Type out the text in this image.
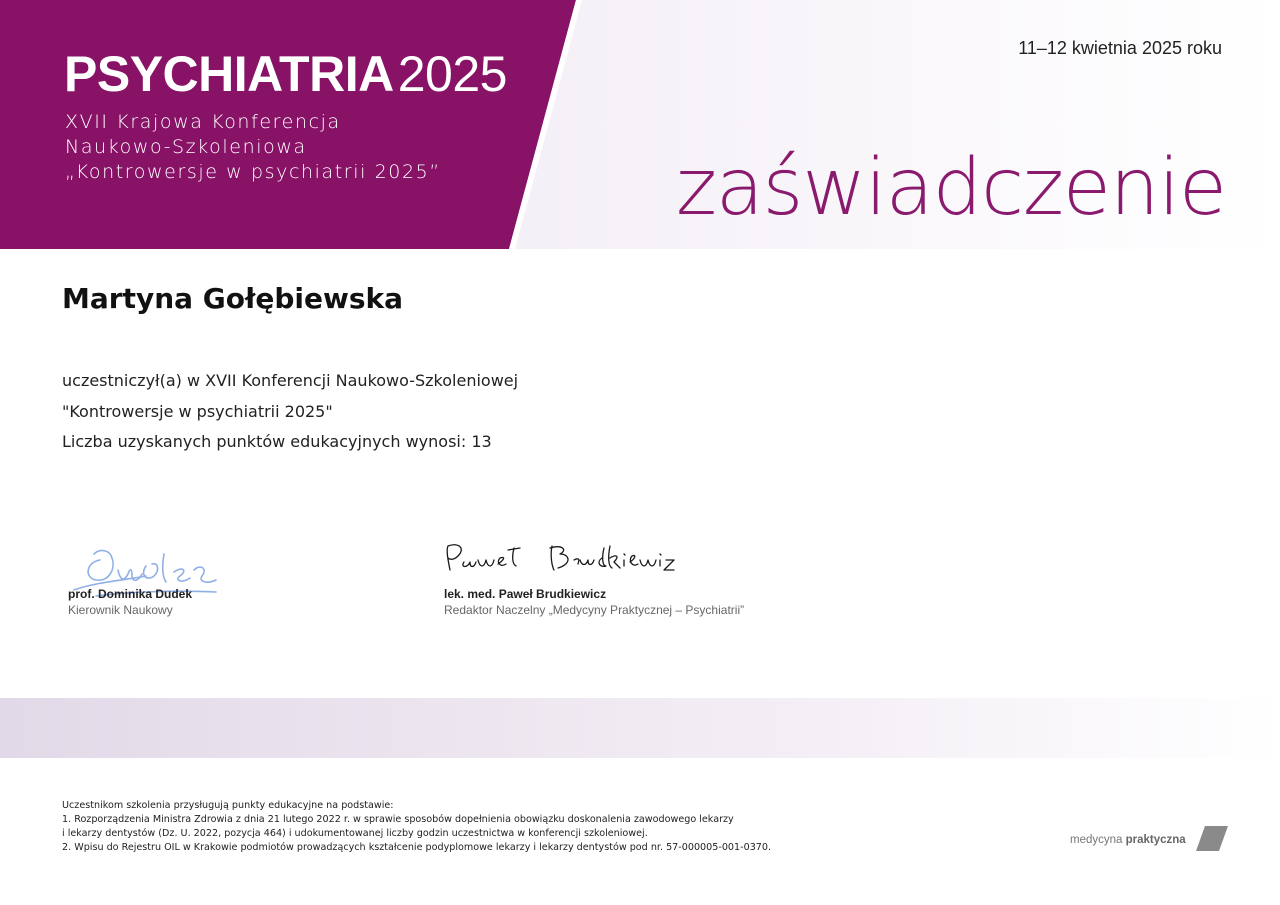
PSYCHIATRIA2025
XVII Krajowa Konferencja
Naukowo-Szkoleniowa
„Kontrowersje w psychiatrii 2025”
11–12 kwietnia 2025 roku
zaświadczenie
Martyna Gołębiewska
uczestniczył(a) w XVII Konferencji Naukowo-Szkoleniowej
"Kontrowersje w psychiatrii 2025"
Liczba uzyskanych punktów edukacyjnych wynosi: 13
prof. Dominika Dudek
Kierownik Naukowy
lek. med. Paweł Brudkiewicz
Redaktor Naczelny „Medycyny Praktycznej – Psychiatrii”
Uczestnikom szkolenia przysługują punkty edukacyjne na podstawie:
1. Rozporządzenia Ministra Zdrowia z dnia 21 lutego 2022 r. w sprawie sposobów dopełnienia obowiązku doskonalenia zawodowego lekarzy
i lekarzy dentystów (Dz. U. 2022, pozycja 464) i udokumentowanej liczby godzin uczestnictwa w konferencji szkoleniowej.
2. Wpisu do Rejestru OIL w Krakowie podmiotów prowadzących kształcenie podyplomowe lekarzy i lekarzy dentystów pod nr. 57-000005-001-0370.
medycyna praktyczna
